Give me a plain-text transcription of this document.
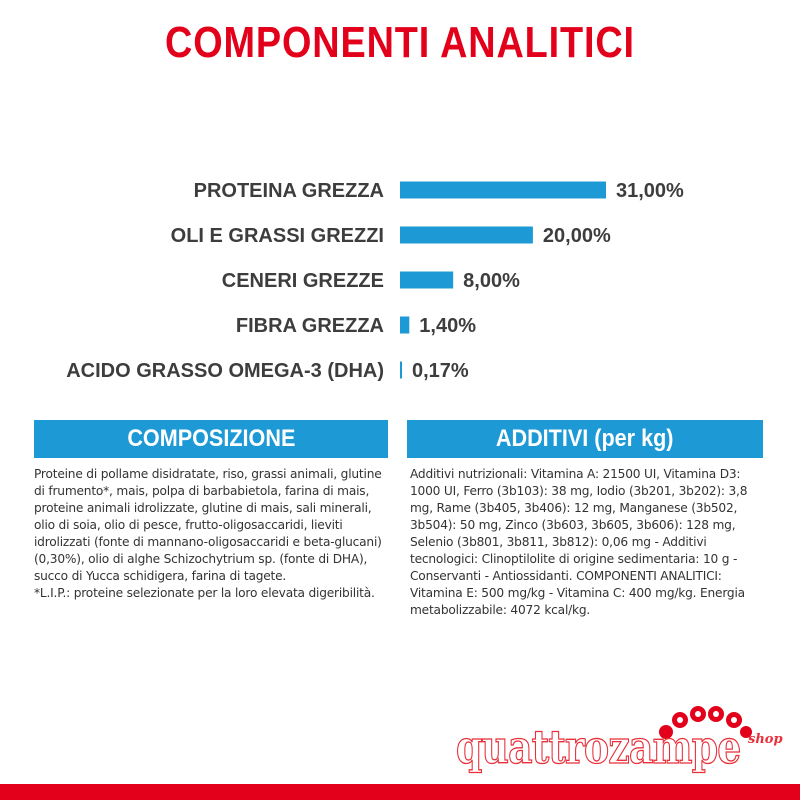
COMPONENTI ANALITICI
PROTEINA GREZZA	31,00%
OLI E GRASSI GREZZI	20,00%
CENERI GREZZE	8,00%
FIBRA GREZZA 1,40%
ACIDO GRASSO OMEGA-3 (DHA) 0,17%
COMPOSIZIONE	ADDITIVI (per kg)
Proteine di pollame disidratate, riso, grassi animali, glutine di frumento*, mais, polpa di barbabietola, farina di mais, proteine animali idrolizzate, glutine di mais, sali minerali, olio di soia, olio di pesce, frutto-oligosaccaridi, lieviti idrolizzati (fonte di mannano-oligosaccaridi e beta-glucani) (0,30%), olio di alghe Schizochytrium sp. (fonte di DHA), succo di Yucca schidigera, farina di tagete.
*L.I.P.: proteine selezionate per la loro elevata digeribilità.
Additivi nutrizionali: Vitamina A: 21500 UI, Vitamina D3: 1000 UI, Ferro (3b103): 38 mg, Iodio (3b201, 3b202): 3,8 mg, Rame (3b405, 3b406): 12 mg, Manganese (3b502, 3b504): 50 mg, Zinco (3b603, 3b605, 3b606): 128 mg, Selenio (3b801, 3b811, 3b812): 0,06 mg - Additivi tecnologici: Clinoptilolite di origine sedimentaria: 10 g - Conservanti - Antiossidanti. COMPONENTI ANALITICI: Vitamina E: 500 mg/kg - Vitamina C: 400 mg/kg. Energia metabolizzabile: 4072 kcal/kg.
quattrozampe shop
